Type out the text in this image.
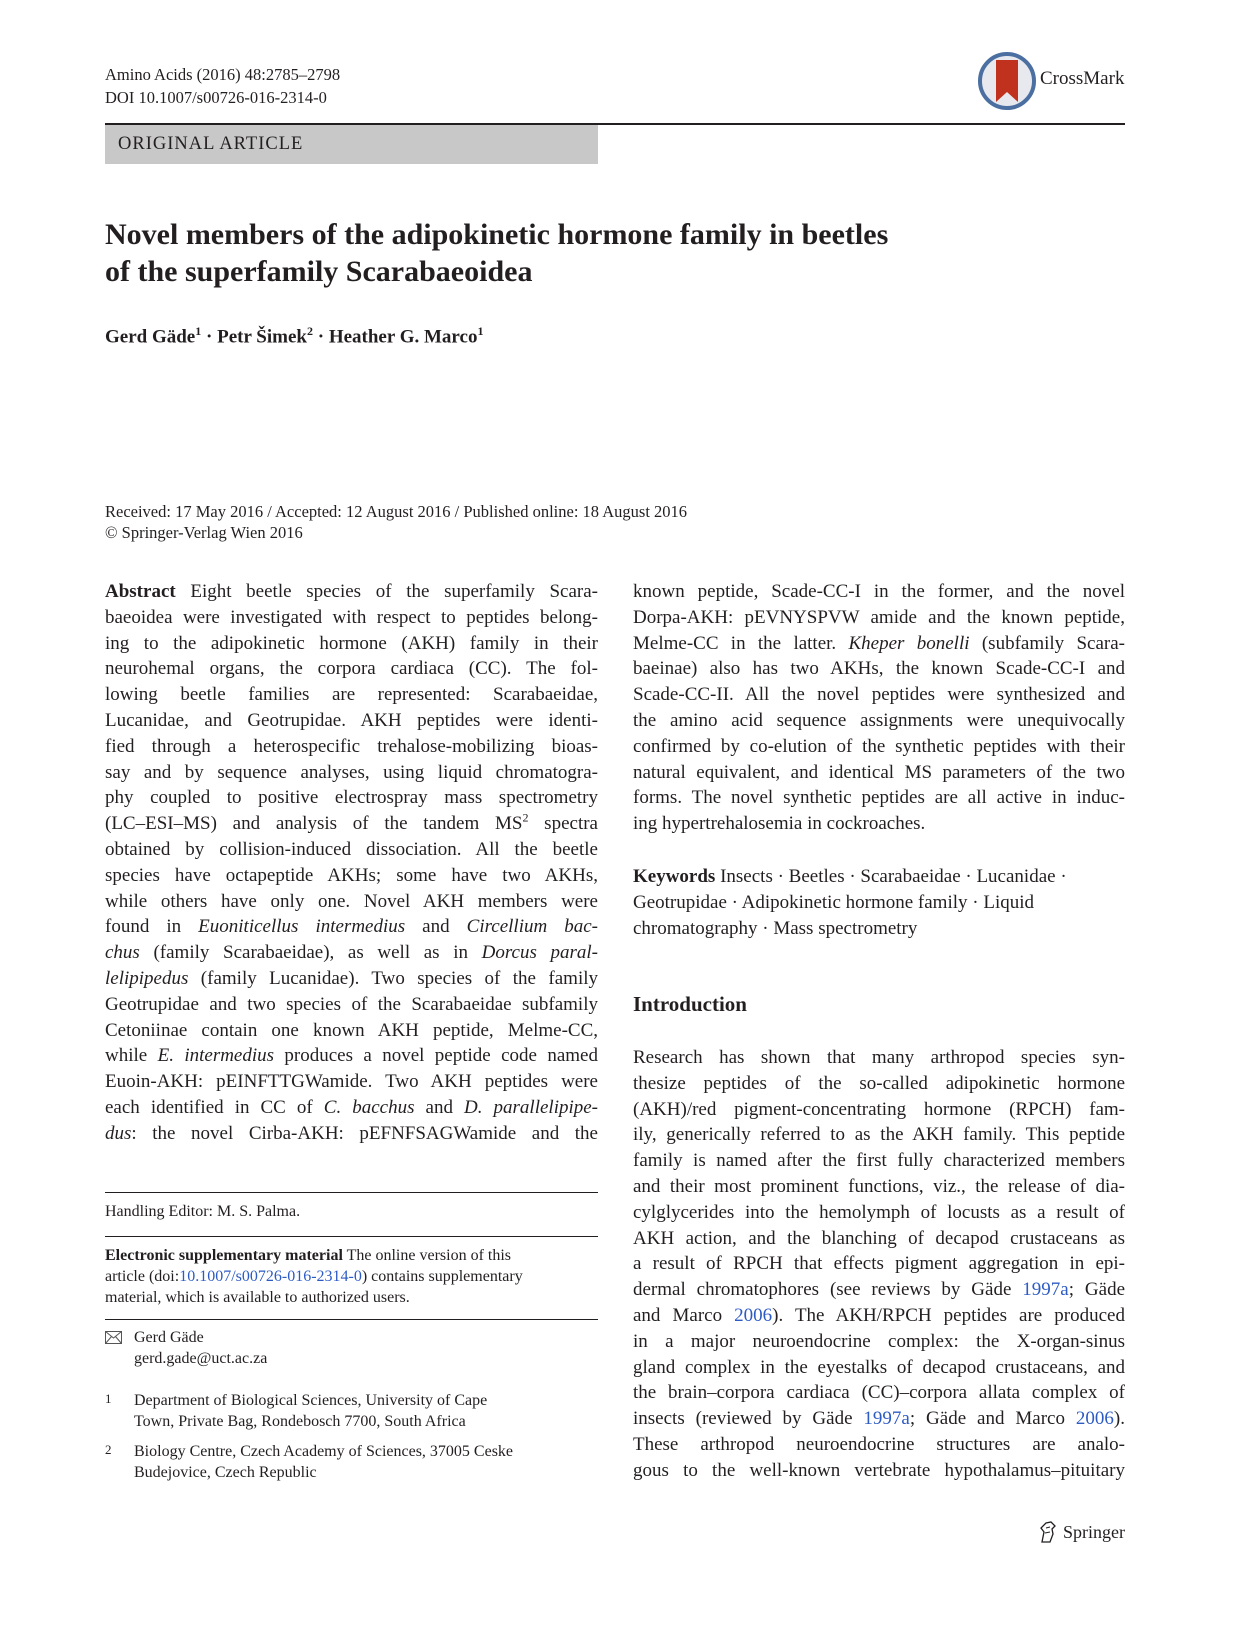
Amino Acids (2016) 48:2785–2798
DOI 10.1007/s00726-016-2314-0
CrossMark
ORIGINAL ARTICLE
Novel members of the adipokinetic hormone family in beetles
of the superfamily Scarabaeoidea
Gerd Gäde$^1$ · Petr Šimek$^2$ · Heather G. Marco$^1$
Received: 17 May 2016 / Accepted: 12 August 2016 / Published online: 18 August 2016
© Springer-Verlag Wien 2016
Abstract Eight beetle species of the superfamily Scara-
baeoidea were investigated with respect to peptides belong-
ing to the adipokinetic hormone (AKH) family in their
neurohemal organs, the corpora cardiaca (CC). The fol-
lowing beetle families are represented: Scarabaeidae,
Lucanidae, and Geotrupidae. AKH peptides were identi-
fied through a heterospecific trehalose-mobilizing bioas-
say and by sequence analyses, using liquid chromatogra-
phy coupled to positive electrospray mass spectrometry
(LC–ESI–MS) and analysis of the tandem $MS^2$ spectra
obtained by collision-induced dissociation. All the beetle
species have octapeptide AKHs; some have two AKHs,
while others have only one. Novel AKH members were
found in Euoniticellus intermedius and Circellium bac-
chus (family Scarabaeidae), as well as in Dorcus paral-
lelipipedus (family Lucanidae). Two species of the family
Geotrupidae and two species of the Scarabaeidae subfamily
Cetoniinae contain one known AKH peptide, Melme-CC,
while E. intermedius produces a novel peptide code named
Euoin-AKH: pEINFTTGWamide. Two AKH peptides were
each identified in CC of C. bacchus and D. parallelipipe-
dus: the novel Cirba-AKH: pEFNFSAGWamide and the
known peptide, Scade-CC-I in the former, and the novel
Dorpa-AKH: pEVNYSPVW amide and the known peptide,
Melme-CC in the latter. Kheper bonelli (subfamily Scara-
baeinae) also has two AKHs, the known Scade-CC-I and
Scade-CC-II. All the novel peptides were synthesized and
the amino acid sequence assignments were unequivocally
confirmed by co-elution of the synthetic peptides with their
natural equivalent, and identical MS parameters of the two
forms. The novel synthetic peptides are all active in induc-
ing hypertrehalosemia in cockroaches.
Keywords Insects · Beetles · Scarabaeidae · Lucanidae ·
Geotrupidae · Adipokinetic hormone family · Liquid
chromatography · Mass spectrometry
Introduction
Research has shown that many arthropod species syn-
thesize peptides of the so-called adipokinetic hormone
(AKH)/red pigment-concentrating hormone (RPCH) fam-
ily, generically referred to as the AKH family. This peptide
family is named after the first fully characterized members
and their most prominent functions, viz., the release of dia-
cylglycerides into the hemolymph of locusts as a result of
AKH action, and the blanching of decapod crustaceans as
a result of RPCH that effects pigment aggregation in epi-
dermal chromatophores (see reviews by Gäde 1997a; Gäde
and Marco 2006). The AKH/RPCH peptides are produced
in a major neuroendocrine complex: the X-organ-sinus
gland complex in the eyestalks of decapod crustaceans, and
the brain–corpora cardiaca (CC)–corpora allata complex of
insects (reviewed by Gäde 1997a; Gäde and Marco 2006).
These arthropod neuroendocrine structures are analo-
gous to the well-known vertebrate hypothalamus–pituitary
Handling Editor: M. S. Palma.
Electronic supplementary material The online version of this
article (doi:10.1007/s00726-016-2314-0) contains supplementary
material, which is available to authorized users.
Gerd Gäde
gerd.gade@uct.ac.za
1 Department of Biological Sciences, University of Cape
Town, Private Bag, Rondebosch 7700, South Africa
2 Biology Centre, Czech Academy of Sciences, 37005 Ceske
Budejovice, Czech Republic
Springer
